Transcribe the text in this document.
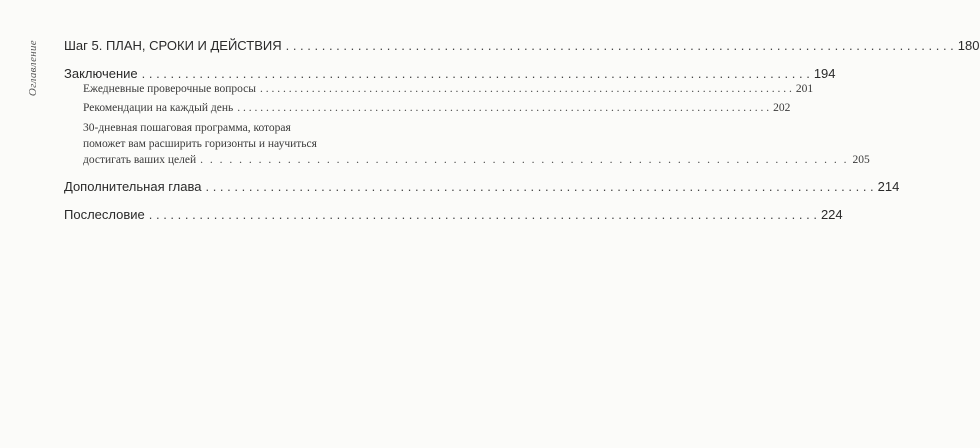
Оглавление Шаг 5. ПЛАН, СРОКИ И ДЕЙСТВИЯ . . .	180
Заключение . . .	194
Ежедневные проверочные вопросы . . .	201
Рекомендации на каждый день . . .	202
30-дневная пошаговая программа, которая
поможет вам расширить горизонты и научиться
достигать ваших целей . . . . . . . . . . . . . . . . . . . . . . . . . . . . . . . . . . . . . . . . . . . . . . . . . . . . . . . . . . . . . . . . . . . 205
Дополнительная глава . . .	214
Послесловие . . .	224
